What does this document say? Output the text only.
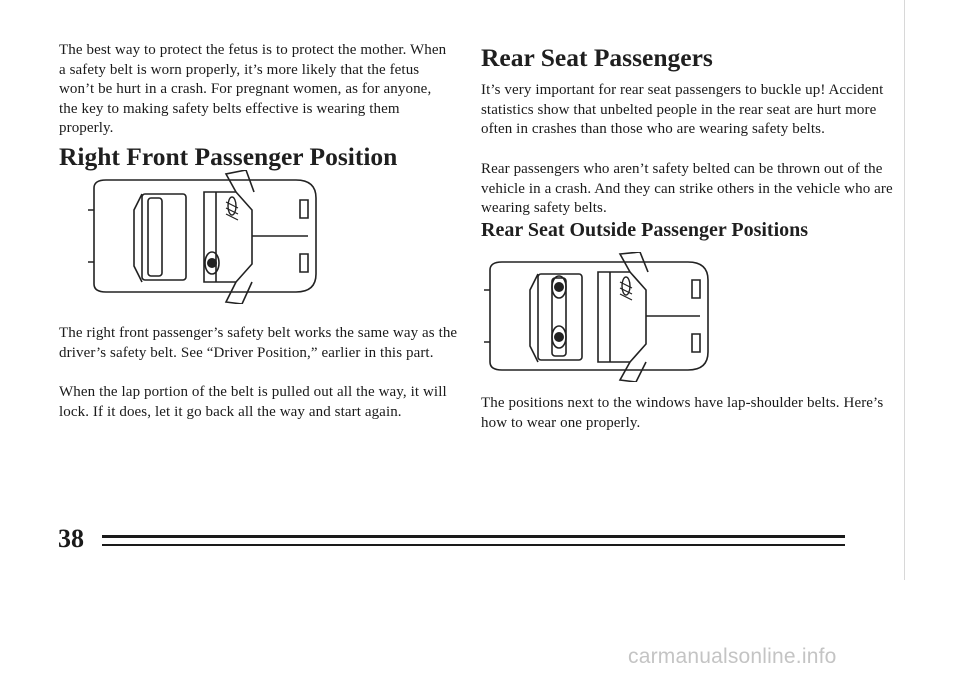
The best way to protect the fetus is to protect the mother. When a safety belt is worn properly, it’s more likely that the fetus won’t be hurt in a crash. For pregnant women, as for anyone, the key to making safety belts effective is wearing them properly.

Right Front Passenger Position

The right front passenger’s safety belt works the same way as the driver’s safety belt. See “Driver Position,” earlier in this part.

When the lap portion of the belt is pulled out all the way, it will lock. If it does, let it go back all the way and start again.

Rear Seat Passengers

It’s very important for rear seat passengers to buckle up! Accident statistics show that unbelted people in the rear seat are hurt more often in crashes than those who are wearing safety belts.

Rear passengers who aren’t safety belted can be thrown out of the vehicle in a crash. And they can strike others in the vehicle who are wearing safety belts.

Rear Seat Outside Passenger Positions

The positions next to the windows have lap-shoulder belts. Here’s how to wear one properly.

38
carmanualsonline.info
